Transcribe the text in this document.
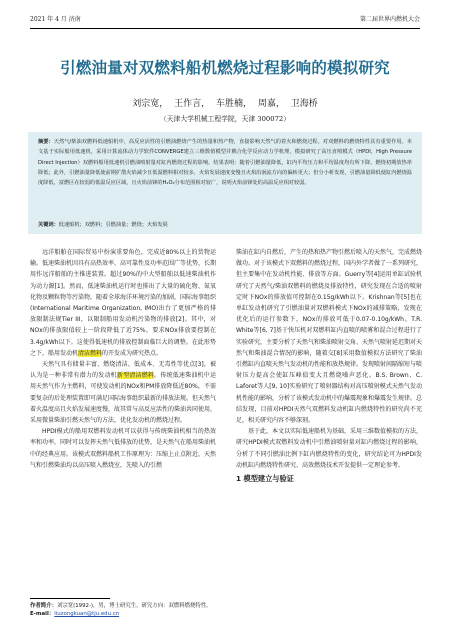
2021 年 4 月 济南	第二届世界内燃机大会
引燃油量对双燃料船机燃烧过程影响的模拟研究
刘宗宽， 王作言， 车胜楠， 周嘉， 卫海桥
（天津大学机械工程学院，天津 300072）
摘要：天然气/柴油双燃料低速船机中，高反应活性的引燃油燃烧产生的热量和热产物，直接影响天然气的着火和燃烧过程。对双燃料的燃烧特性具有重要作用。本文基于实际船用低速机，采用计算流体动力学软件CONVERGE建立三维数值模型并耦合化学反应动力学机理，模拟研究了高压直喷模式（HPDI，High Pressure Direct Injection）双燃料船用低速机引燃油喷射量对缸内燃烧过程的影响。结果表明：随着引燃油量降低，缸内平均压力和平均温度均有所下降，燃烧初期放热率降低；此外，引燃油量降低使前期扩散火焰减少且低温燃料相对较多，火焰发展速度变慢且火焰沿涡流方向的偏转更大；但分小析发现，引燃油量降低使缸内燃烧温度降低，富燃区在较弱的低温反应区域，且火焰前锋的H₂O₂分布范围相对较广，说明火焰前锋处的高温反应相对较弱。
关键词：低速船机；双燃料；引燃油量；燃烧；火焰发展

远洋船舶在国际贸易中扮演重要角色，完成近80%以上的货物运输。低速柴油机因具有高热效率、高可靠性及功率范围广等优势，长期用作远洋船舶的主推进装置。超过90%的中大型船舶以低速柴油机作为动力源[1]。然而，低速柴油机运行时也排出了大量的硫化物、氮氧化物及颗粒物等污染物，随着全球海洋环境污染的加剧，国际海事组织(International Maritime Organization, IMO)出台了更加严格的排放限制法规Tier III，以限制船用发动机污染物的排放[2]。其中，对NOx的排放限值较上一阶段降低了近75%，要求NOx排放要控制在3.4g/kWh以下。这使得低速机的排放控制面临巨大的调整。在此形势之下，船用发动机清洁燃料的开发成为研究热点。

天然气具有储量丰富、燃烧清洁、低成本、无毒性等优点[3]，被认为是一种非常有潜力的发动机新型清洁燃料。传统低速柴油机中运用天然气作为主燃料，可使发动机的NOx和PM排放降低近80%，不需要复杂的后处理装置即可满足国际海事组织最新的排放法规。但天然气着火温度高且火焰发展速度慢，故其常与高反应活性的柴油共同使用，采用微量柴油引燃天然气的方法，优化发动机的燃烧过程。

HPDI模式的船用双燃料发动机可以获得与传统柴油机相当的热效率和功率，同时可以发挥天然气低排放的优势，是天然气在船用柴油机中的经典应用。该模式双燃料船机工作原理为：压缩上止点附近，天然气和引燃柴油均以高压喷入燃烧室，先喷入的引燃

柴油在缸内自燃后，产生的热和热产物引燃后喷入的天然气，完成燃烧做功。对于该模式下双燃料的燃烧过程，国内外学者做了一系列研究，但主要集中在发动机性能、排放等方面。Guerry等[4]运用单缸试验机研究了天然气/柴油双燃料的燃烧及排放特性，研究发现在合适的喷射定时下NOx的排放值可控制在0.15g/kWh以下。Krishnan等[5]也在单缸发动机研究了引燃油量对双燃料模式下NOx的减排策略，发现在优化后的运行参数下，NOx的排放可低于0.07-0.10g/kWh。T.R. White等[6, 7]基于快压机对双燃料缸内直喷的喷雾和混合过程进行了实验研究，主要分析了天然气和柴油喷射交角、天然气喷射延迟期对天然气和柴油混合情况的影响，随着交[8]采用数值模拟方法研究了柴油引燃缸内直喷天然气发动机的性能和放热规律。发现喷射间隔缩短与喷射压力提高会使缸压峰值变大且燃烧噪声恶化。B.S. Brown、C. Laforet等人[9, 10]实验研究了喷射器结构对高压喷射模式天然气发动机性能的影响，分析了该模式发动机中的爆震现象和爆震发生规律。总结发现，目前对HPDI天然气双燃料发动机缸内燃烧特性的研究尚不充足，相关研究内容不够深刻。

基于此，本文以实际低速船机为基础，采用三维数值模拟的方法，研究HPDI模式双燃料发动机中引燃油喷射量对缸内燃烧过程的影响，分析了不同引燃油比例下缸内燃烧特性的变化，研究结论可为HPDI发动机缸内燃烧特性研究、高效燃烧技术开发提供一定理论参考。

1 模型建立与验证
作者简介：刘宗宽(1992-)，男，博士研究生，研究方向：双燃料燃烧特性。
E-mail：liuzongkuan@tju.edu.cn
